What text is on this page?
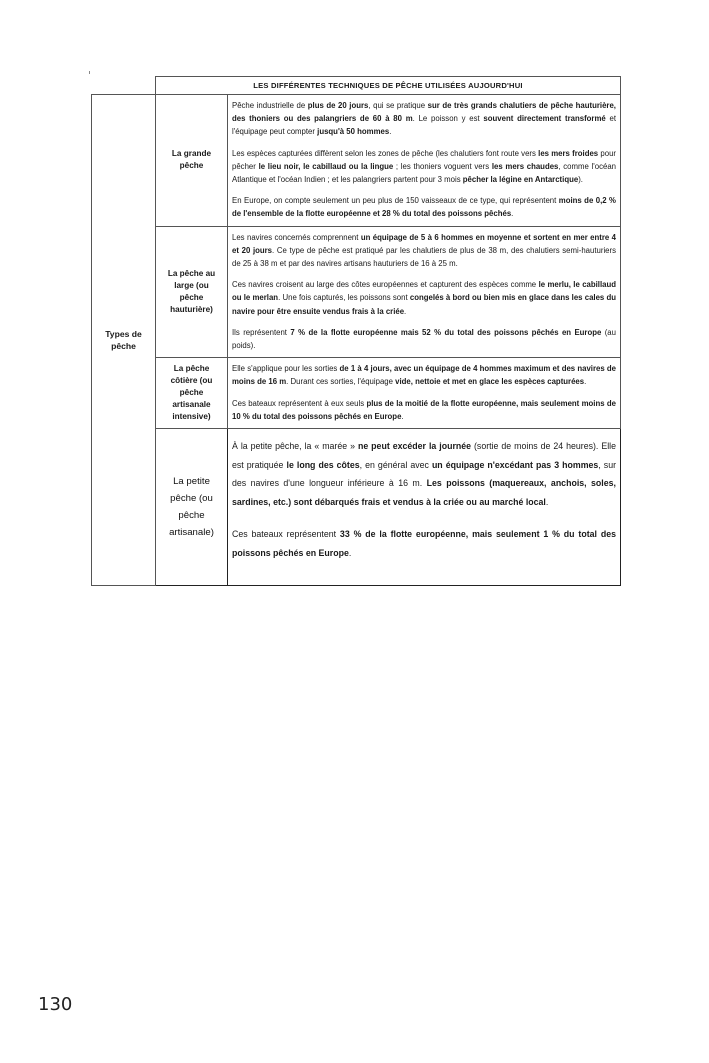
	LES DIFFÉRENTES TECHNIQUES DE PÊCHE UTILISÉES AUJOURD'HUI	
Types de pêche	La grande pêche	Pêche industrielle de plus de 20 jours, qui se pratique sur de très grands chalutiers de pêche hauturière, des thoniers ou des palangriers de 60 à 80 m. Le poisson y est souvent directement transformé et l'équipage peut compter jusqu'à 50 hommes.

Les espèces capturées diffèrent selon les zones de pêche (les chalutiers font route vers les mers froides pour pêcher le lieu noir, le cabillaud ou la lingue ; les thoniers voguent vers les mers chaudes, comme l'océan Atlantique et l'océan Indien ; et les palangriers partent pour 3 mois pêcher la légine en Antarctique).

En Europe, on compte seulement un peu plus de 150 vaisseaux de ce type, qui représentent moins de 0,2 % de l'ensemble de la flotte européenne et 28 % du total des poissons pêchés.

	La pêche au large (ou pêche hauturière)	Les navires concernés comprennent un équipage de 5 à 6 hommes en moyenne et sortent en mer entre 4 et 20 jours. Ce type de pêche est pratiqué par les chalutiers de plus de 38 m, des chalutiers semi-hauturiers de 25 à 38 m et par des navires artisans hauturiers de 16 à 25 m.

Ces navires croisent au large des côtes européennes et capturent des espèces comme le merlu, le cabillaud ou le merlan. Une fois capturés, les poissons sont congelés à bord ou bien mis en glace dans les cales du navire pour être ensuite vendus frais à la criée.

Ils représentent 7 % de la flotte européenne mais 52 % du total des poissons pêchés en Europe (au poids).

	La pêche côtière (ou pêche artisanale intensive)	Elle s'applique pour les sorties de 1 à 4 jours, avec un équipage de 4 hommes maximum et des navires de moins de 16 m. Durant ces sorties, l'équipage vide, nettoie et met en glace les espèces capturées.

Ces bateaux représentent à eux seuls plus de la moitié de la flotte européenne, mais seulement moins de 10 % du total des poissons pêchés en Europe.

	La petite pêche (ou pêche artisanale)	À la petite pêche, la « marée » ne peut excéder la journée (sortie de moins de 24 heures). Elle est pratiquée le long des côtes, en général avec un équipage n'excédant pas 3 hommes, sur des navires d'une longueur inférieure à 16 m. Les poissons (maquereaux, anchois, soles, sardines, etc.) sont débarqués frais et vendus à la criée ou au marché local.

Ces bateaux représentent 33 % de la flotte européenne, mais seulement 1 % du total des poissons pêchés en Europe.

130
